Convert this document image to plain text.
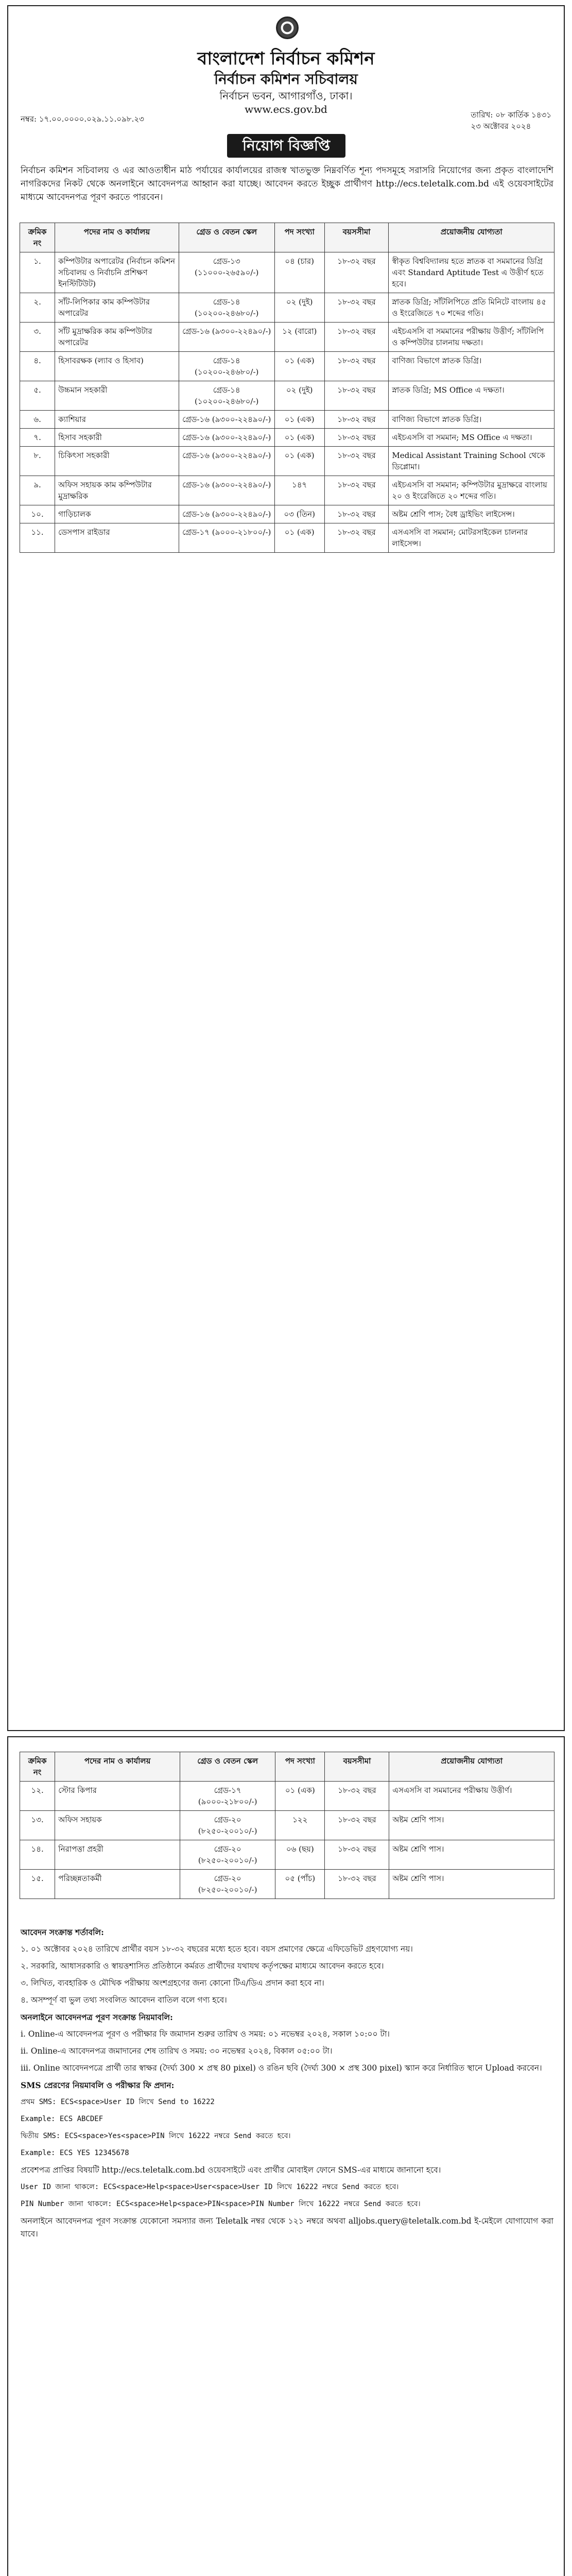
বাংলাদেশ নির্বাচন কমিশন
নির্বাচন কমিশন সচিবালয়
নির্বাচন ভবন, আগারগাঁও, ঢাকা।
www.ecs.gov.bd
নম্বর: ১৭.০০.০০০০.০২৯.১১.০৯৮.২৩	তারিখ: ০৮ কার্তিক ১৪৩১
২৩ অক্টোবর ২০২৪
নিয়োগ বিজ্ঞপ্তি
নির্বাচন কমিশন সচিবালয় ও এর আওতাধীন মাঠ পর্যায়ের কার্যালয়ের রাজস্ব খাতভুক্ত নিম্নবর্ণিত শূন্য পদসমূহে সরাসরি নিয়োগের জন্য প্রকৃত বাংলাদেশি নাগরিকদের নিকট থেকে অনলাইনে আবেদনপত্র আহ্বান করা যাচ্ছে। আবেদন করতে ইচ্ছুক প্রার্থীগণ http://ecs.teletalk.com.bd এই ওয়েবসাইটের মাধ্যমে আবেদনপত্র পূরণ করতে পারবেন।
ক্রমিক নং	পদের নাম ও কার্যালয়	গ্রেড ও বেতন স্কেল	পদ সংখ্যা	বয়সসীমা	প্রয়োজনীয় যোগ্যতা
১.	কম্পিউটার অপারেটর (নির্বাচন কমিশন সচিবালয় ও নির্বাচনি প্রশিক্ষণ ইনস্টিটিউট)	গ্রেড-১৩ (১১০০০-২৬৫৯০/-)	০৪ (চার)	১৮-৩২ বছর	স্বীকৃত বিশ্ববিদ্যালয় হতে স্নাতক বা সমমানের ডিগ্রি এবং Standard Aptitude Test এ উত্তীর্ণ হতে হবে।
২.	সাঁট-লিপিকার কাম কম্পিউটার অপারেটর	গ্রেড-১৪ (১০২০০-২৪৬৮০/-)	০২ (দুই)	১৮-৩২ বছর	স্নাতক ডিগ্রি; সাঁটলিপিতে প্রতি মিনিটে বাংলায় ৪৫ ও ইংরেজিতে ৭০ শব্দের গতি।
৩.	সাঁট মুদ্রাক্ষরিক কাম কম্পিউটার অপারেটর	গ্রেড-১৬ (৯৩০০-২২৪৯০/-)	১২ (বারো)	১৮-৩২ বছর	এইচএসসি বা সমমানের পরীক্ষায় উত্তীর্ণ; সাঁটলিপি ও কম্পিউটার চালনায় দক্ষতা।
৪.	হিসাবরক্ষক (ল্যাব ও হিসাব)	গ্রেড-১৪ (১০২০০-২৪৬৮০/-)	০১ (এক)	১৮-৩২ বছর	বাণিজ্য বিভাগে স্নাতক ডিগ্রি।
৫.	উচ্চমান সহকারী	গ্রেড-১৪ (১০২০০-২৪৬৮০/-)	০২ (দুই)	১৮-৩২ বছর	স্নাতক ডিগ্রি; MS Office এ দক্ষতা।
৬.	ক্যাশিয়ার	গ্রেড-১৬ (৯৩০০-২২৪৯০/-)	০১ (এক)	১৮-৩২ বছর	বাণিজ্য বিভাগে স্নাতক ডিগ্রি।
৭.	হিসাব সহকারী	গ্রেড-১৬ (৯৩০০-২২৪৯০/-)	০১ (এক)	১৮-৩২ বছর	এইচএসসি বা সমমান; MS Office এ দক্ষতা।
৮.	চিকিৎসা সহকারী	গ্রেড-১৬ (৯৩০০-২২৪৯০/-)	০১ (এক)	১৮-৩২ বছর	Medical Assistant Training School থেকে ডিপ্লোমা।
৯.	অফিস সহায়ক কাম কম্পিউটার মুদ্রাক্ষরিক	গ্রেড-১৬ (৯৩০০-২২৪৯০/-)	১৪৭	১৮-৩২ বছর	এইচএসসি বা সমমান; কম্পিউটার মুদ্রাক্ষরে বাংলায় ২০ ও ইংরেজিতে ২০ শব্দের গতি।
১০.	গাড়িচালক	গ্রেড-১৬ (৯৩০০-২২৪৯০/-)	০৩ (তিন)	১৮-৩২ বছর	অষ্টম শ্রেণি পাস; বৈধ ড্রাইভিং লাইসেন্স।
১১.	ডেসপাস রাইডার	গ্রেড-১৭ (৯০০০-২১৮০০/-)	০১ (এক)	১৮-৩২ বছর	এসএসসি বা সমমান; মোটরসাইকেল চালনার লাইসেন্স।
ক্রমিক নং	পদের নাম ও কার্যালয়	গ্রেড ও বেতন স্কেল	পদ সংখ্যা	বয়সসীমা	প্রয়োজনীয় যোগ্যতা
১২.	স্টোর কিপার	গ্রেড-১৭ (৯০০০-২১৮০০/-)	০১ (এক)	১৮-৩২ বছর	এসএসসি বা সমমানের পরীক্ষায় উত্তীর্ণ।
১৩.	অফিস সহায়ক	গ্রেড-২০ (৮২৫০-২০০১০/-)	১২২	১৮-৩২ বছর	অষ্টম শ্রেণি পাস।
১৪.	নিরাপত্তা প্রহরী	গ্রেড-২০ (৮২৫০-২০০১০/-)	০৬ (ছয়)	১৮-৩২ বছর	অষ্টম শ্রেণি পাস।
১৫.	পরিচ্ছন্নতাকর্মী	গ্রেড-২০ (৮২৫০-২০০১০/-)	০৫ (পাঁচ)	১৮-৩২ বছর	অষ্টম শ্রেণি পাস।

আবেদন সংক্রান্ত শর্তাবলি:

১. ০১ অক্টোবর ২০২৪ তারিখে প্রার্থীর বয়স ১৮-৩২ বছরের মধ্যে হতে হবে। বয়স প্রমাণের ক্ষেত্রে এফিডেভিট গ্রহণযোগ্য নয়।

২. সরকারি, আধাসরকারি ও স্বায়ত্তশাসিত প্রতিষ্ঠানে কর্মরত প্রার্থীদের যথাযথ কর্তৃপক্ষের মাধ্যমে আবেদন করতে হবে।

৩. লিখিত, ব্যবহারিক ও মৌখিক পরীক্ষায় অংশগ্রহণের জন্য কোনো টিএ/ডিএ প্রদান করা হবে না।

৪. অসম্পূর্ণ বা ভুল তথ্য সংবলিত আবেদন বাতিল বলে গণ্য হবে।

অনলাইনে আবেদনপত্র পূরণ সংক্রান্ত নিয়মাবলি:

i. Online-এ আবেদনপত্র পূরণ ও পরীক্ষার ফি জমাদান শুরুর তারিখ ও সময়: ০১ নভেম্বর ২০২৪, সকাল ১০:০০ টা।

ii. Online-এ আবেদনপত্র জমাদানের শেষ তারিখ ও সময়: ৩০ নভেম্বর ২০২৪, বিকাল ০৫:০০ টা।

iii. Online আবেদনপত্রে প্রার্থী তার স্বাক্ষর (দৈর্ঘ্য 300 × প্রস্থ 80 pixel) ও রঙিন ছবি (দৈর্ঘ্য 300 × প্রস্থ 300 pixel) স্ক্যান করে নির্ধারিত স্থানে Upload করবেন।

SMS প্রেরণের নিয়মাবলি ও পরীক্ষার ফি প্রদান:

প্রথম SMS: ECS<space>User ID লিখে Send to 16222

Example: ECS ABCDEF

দ্বিতীয় SMS: ECS<space>Yes<space>PIN লিখে 16222 নম্বরে Send করতে হবে।

Example: ECS YES 12345678

প্রবেশপত্র প্রাপ্তির বিষয়টি http://ecs.teletalk.com.bd ওয়েবসাইটে এবং প্রার্থীর মোবাইল ফোনে SMS-এর মাধ্যমে জানানো হবে।

User ID জানা থাকলে: ECS<space>Help<space>User<space>User ID লিখে 16222 নম্বরে Send করতে হবে।

PIN Number জানা থাকলে: ECS<space>Help<space>PIN<space>PIN Number লিখে 16222 নম্বরে Send করতে হবে।

অনলাইনে আবেদনপত্র পূরণ সংক্রান্ত যেকোনো সমস্যার জন্য Teletalk নম্বর থেকে ১২১ নম্বরে অথবা alljobs.query@teletalk.com.bd ই-মেইলে যোগাযোগ করা যাবে।
